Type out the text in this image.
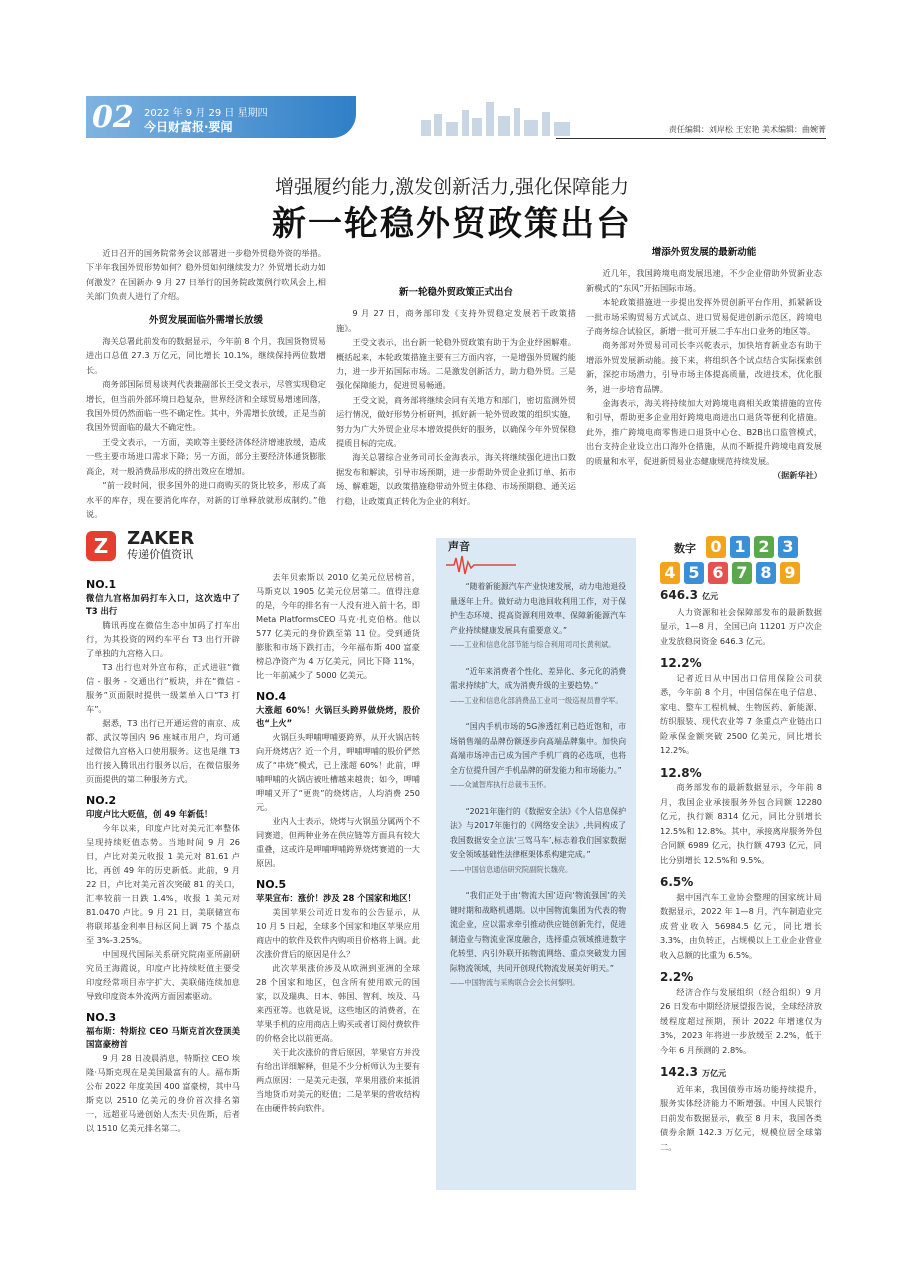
02 2022 年 9 月 29 日 星期四
今日财富报·要闻	责任编辑：刘岸松 王宏艳 美术编辑：曲婉菁
增强履约能力,激发创新活力,强化保障能力
新一轮稳外贸政策出台

近日召开的国务院常务会议部署进一步稳外贸稳外资的举措。下半年我国外贸形势如何？稳外贸如何继续发力？外贸增长动力如何激发？在国新办 9 月 27 日举行的国务院政策例行吹风会上,相关部门负责人进行了介绍。

外贸发展面临外需增长放缓

海关总署此前发布的数据显示，今年前 8 个月，我国货物贸易进出口总值 27.3 万亿元，同比增长 10.1%，继续保持两位数增长。

商务部国际贸易谈判代表兼副部长王受文表示，尽管实现稳定增长，但当前外部环境日趋复杂，世界经济和全球贸易增速回落，我国外贸仍然面临一些不确定性。其中，外需增长放缓，正是当前我国外贸面临的最大不确定性。

王受文表示，一方面，美欧等主要经济体经济增速放缓，造成一些主要市场进口需求下降；另一方面，部分主要经济体通货膨胀高企，对一般消费品形成的挤出效应在增加。

“前一段时间，很多国外的进口商购买的货比较多，形成了高水平的库存，现在要消化库存，对新的订单释放就形成制约。”他说。

新一轮稳外贸政策正式出台

9 月 27 日，商务部印发《支持外贸稳定发展若干政策措施》。

王受文表示，出台新一轮稳外贸政策有助于为企业纾困解难。概括起来，本轮政策措施主要有三方面内容，一是增强外贸履约能力，进一步开拓国际市场。二是激发创新活力，助力稳外贸。三是强化保障能力，促进贸易畅通。

王受文说，商务部将继续会同有关地方和部门，密切监测外贸运行情况，做好形势分析研判，抓好新一轮外贸政策的组织实施，努力为广大外贸企业尽本增效提供好的服务，以确保今年外贸保稳提质目标的完成。

海关总署综合业务司司长金海表示，海关将继续强化进出口数据发布和解读，引导市场预期，进一步帮助外贸企业抓订单、拓市场、解难题，以政策措施稳带动外贸主体稳、市场预期稳、通关运行稳，让政策真正转化为企业的利好。

增添外贸发展的最新动能

近几年，我国跨境电商发展迅速，不少企业借助外贸新业态新模式的“东风”开拓国际市场。

本轮政策措施进一步提出发挥外贸创新平台作用，抓紧新设一批市场采购贸易方式试点、进口贸易促进创新示范区，跨境电子商务综合试验区，新增一批可开展二手车出口业务的地区等。

商务部对外贸易司司长李兴乾表示，加快培育新业态有助于增添外贸发展新动能。接下来，将组织各个试点结合实际探索创新，深挖市场潜力，引导市场主体提高质量，改进技术，优化服务，进一步培育品牌。

金海表示，海关将持续加大对跨境电商相关政策措施的宣传和引导，帮助更多企业用好跨境电商进出口退货等便利化措施。此外，推广跨境电商零售进口退货中心仓、B2B出口监管模式，出台支持企业设立出口海外仓措施，从而不断提升跨境电商发展的质量和水平，促进新贸易业态健康规范持续发展。

（据新华社）
Z ZAKER
传递价值资讯
NO.1
微信九宫格加码打车入口，这次选中了 T3 出行

腾讯再度在微信生态中加码了打车出行，为其投资的网约车平台 T3 出行开辟了单独的九宫格入口。

T3 出行也对外宣布称，正式进驻“微信 - 服务 - 交通出行”板块，并在“微信 - 服务”页面限时提供一级菜单入口“T3 打车”。

据悉，T3 出行已开通运营的南京、成都、武汉等国内 96 座城市用户，均可通过微信九宫格入口使用服务。这也是继 T3 出行接入腾讯出行服务以后，在微信服务页面提供的第二种服务方式。

NO.2
印度卢比大贬值，创 49 年新低！

今年以来，印度卢比对美元汇率整体呈现持续贬值态势。当地时间 9 月 26 日，卢比对美元收报 1 美元对 81.61 卢比，再创 49 年的历史新低。此前，9 月 22 日，卢比对美元首次突破 81 的关口，汇率较前一日跌 1.4%，收报 1 美元对 81.0470 卢比。9 月 21 日，美联储宣布将联邦基金利率目标区间上调 75 个基点至 3%-3.25%。

中国现代国际关系研究院南亚所副研究员王海霞说，印度卢比持续贬值主要受印度经常项目赤字扩大、美联储连续加息导致印度资本外流两方面因素驱动。

NO.3
福布斯：特斯拉 CEO 马斯克首次登顶美国富豪榜首

9 月 28 日凌晨消息，特斯拉 CEO 埃隆·马斯克现在是美国最富有的人。福布斯公布 2022 年度美国 400 富豪榜，其中马斯克以 2510 亿美元的身价首次排名第一，远超亚马逊创始人杰夫·贝佐斯，后者以 1510 亿美元排名第二。

去年贝索斯以 2010 亿美元位居榜首，马斯克以 1905 亿美元位居第二。值得注意的是，今年的排名有一人没有进入前十名，即 Meta PlatformsCEO 马克·扎克伯格。他以 577 亿美元的身价跌至第 11 位。受到通货膨胀和市场下跌打击，今年福布斯 400 富豪榜总净资产为 4 万亿美元，同比下降 11%，比一年前减少了 5000 亿美元。

NO.4
大涨超 60%！火锅巨头跨界做烧烤，股价也“上火”

火锅巨头呷哺呷哺要跨界，从开火锅店转向开烧烤店？近一个月，呷哺呷哺的股价俨然成了“串烧”模式，已上涨超 60%！此前，呷哺呷哺的火锅店被吐槽越来越贵；如今，呷哺呷哺又开了“更贵”的烧烤店，人均消费 250 元。

业内人士表示，烧烤与火锅虽分属两个不同赛道，但两种业务在供应链等方面具有较大重叠，这或许是呷哺呷哺跨界烧烤赛道的一大原因。

NO.5
苹果宣布：涨价！涉及 28 个国家和地区！

美国苹果公司近日发布的公告显示，从 10 月 5 日起，全球多个国家和地区苹果应用商店中的软件及软件内购项目价格将上调。此次涨价背后的原因是什么？

此次苹果涨价涉及从欧洲到亚洲的全球 28 个国家和地区，包含所有使用欧元的国家，以及瑞典、日本、韩国、智利、埃及、马来西亚等。也就是说，这些地区的消费者，在苹果手机的应用商店上购买或者订阅付费软件的价格会比以前更高。

关于此次涨价的背后原因，苹果官方并没有给出详细解释，但是不少分析师认为主要有两点原因：一是美元走强，苹果用涨价来抵消当地货币对美元的贬值；二是苹果的营收结构在由硬件转向软件。

声音

“随着新能源汽车产业快速发展，动力电池退役量逐年上升。做好动力电池回收利用工作，对于保护生态环境、提高资源利用效率、保障新能源汽车产业持续健康发展具有重要意义。”

——工业和信息化部节能与综合利用司司长黄利斌。

“近年来消费者个性化、差异化、多元化的消费需求持续扩大，成为消费升级的主要趋势。”

——工业和信息化部消费品工业司一级巡视员曹学军。

“国内手机市场的5G渗透红利已趋近饱和，市场销售端的品牌份额逐步向高端品牌集中。加快向高端市场冲击已成为国产手机厂商的必选项，也将全方位提升国产手机品牌的研发能力和市场能力。”

——众诚智库执行总裁韦玉怀。

“2021年施行的《数据安全法》《个人信息保护法》与2017年施行的《网络安全法》,共同构成了我国数据安全立法‘三驾马车’,标志着我们国家数据安全领域基础性法律框架体系构建完成。”

——中国信息通信研究院副院长魏亮。

“我们正处于由‘物流大国’迈向‘物流强国’的关键时期和战略机遇期。以中国物流集团为代表的物流企业，应以需求牵引推动供应链创新先行，促进制造业与物流业深度融合，选择重点领域推进数字化转型、内引外联开拓物流网络、重点突破发力国际物流领域，共同开创现代物流发展美好明天。”

——中国物流与采购联合会会长何黎明。

数字 0 1 2 3
4 5 6 7 8 9
646.3 亿元

人力资源和社会保障部发布的最新数据显示，1—8 月，全国已向 11201 万户次企业发放稳岗资金 646.3 亿元。

12.2%

记者近日从中国出口信用保险公司获悉，今年前 8 个月，中国信保在电子信息、家电、整车工程机械、生物医药、新能源、纺织服装、现代农业等 7 条重点产业链出口险承保金额突破 2500 亿美元，同比增长 12.2%。

12.8%

商务部发布的最新数据显示，今年前 8 月，我国企业承接服务外包合同额 12280 亿元，执行额 8314 亿元，同比分别增长 12.5%和 12.8%。其中，承接离岸服务外包合同额 6989 亿元，执行额 4793 亿元，同比分别增长 12.5%和 9.5%。

6.5%

据中国汽车工业协会整理的国家统计局数据显示，2022 年 1—8 月，汽车制造业完成营业收入 56984.5 亿元，同比增长 3.3%，由负转正，占规模以上工业企业营业收入总额的比重为 6.5%。

2.2%

经济合作与发展组织（经合组织）9 月 26 日发布中期经济展望报告说，全球经济放缓程度超过预期，预计 2022 年增速仅为 3%，2023 年将进一步放缓至 2.2%，低于今年 6 月预测的 2.8%。

142.3 万亿元

近年来，我国债券市场功能持续提升，服务实体经济能力不断增强。中国人民银行日前发布数据显示，截至 8 月末，我国各类债券余额 142.3 万亿元，规模位居全球第二。
